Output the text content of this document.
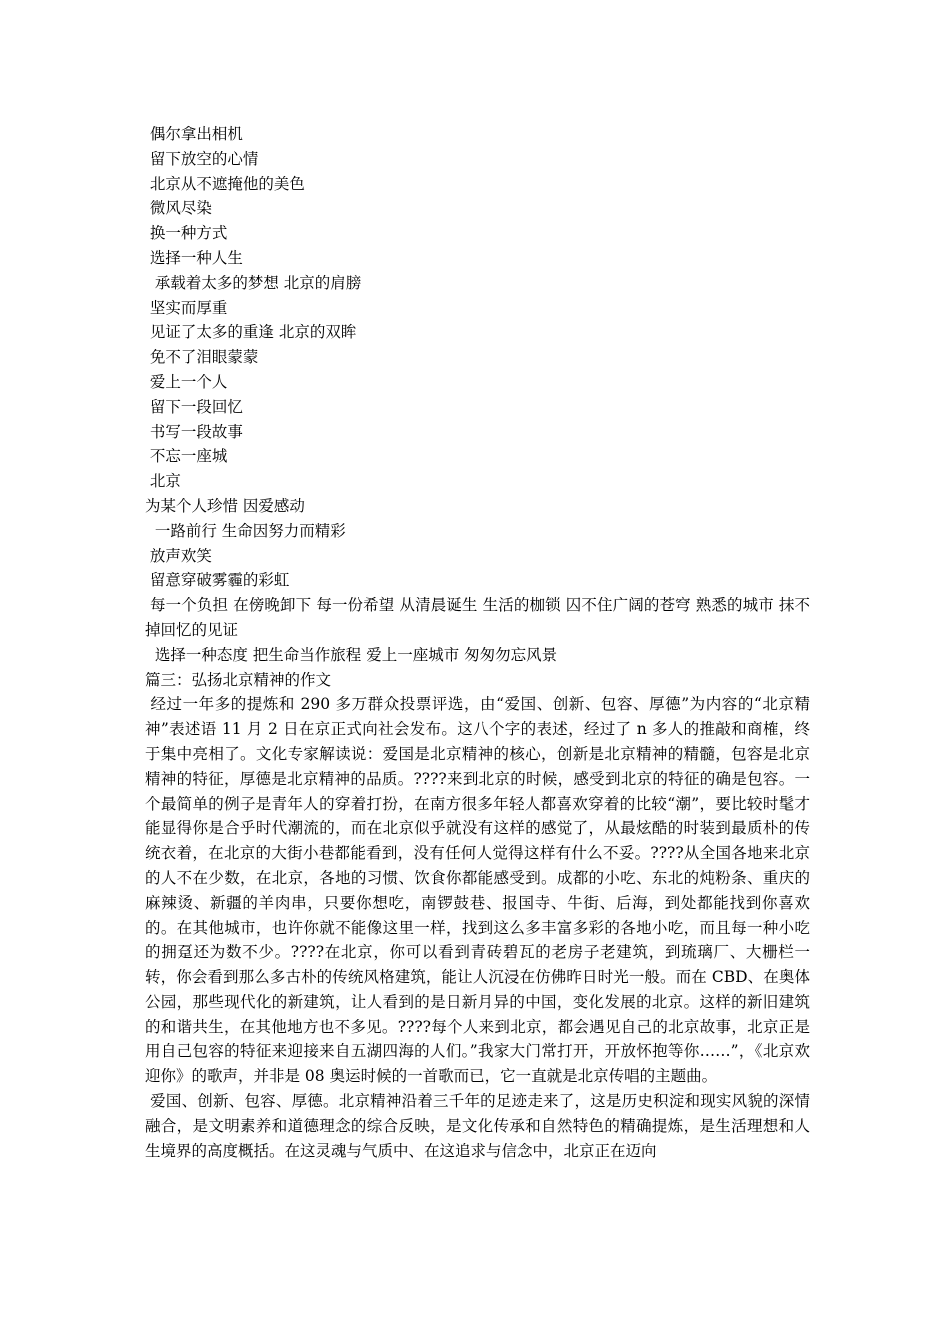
偶尔拿出相机
留下放空的心情
北京从不遮掩他的美色
微风尽染
换一种方式
选择一种人生
承载着太多的梦想 北京的肩膀
坚实而厚重
见证了太多的重逢 北京的双眸
免不了泪眼蒙蒙
爱上一个人
留下一段回忆
书写一段故事
不忘一座城
北京
为某个人珍惜 因爱感动
一路前行 生命因努力而精彩
放声欢笑
留意穿破雾霾的彩虹

每一个负担 在傍晚卸下 每一份希望 从清晨诞生 生活的枷锁 囚不住广阔的苍穹 熟悉的城市 抹不掉回忆的见证

选择一种态度 把生命当作旅程 爱上一座城市 匆匆勿忘风景

篇三：弘扬北京精神的作文

经过一年多的提炼和 290 多万群众投票评选，由“爱国、创新、包容、厚德”为内容的“北京精神”表述语 11 月 2 日在京正式向社会发布。这八个字的表述，经过了 n 多人的推敲和商榷，终于集中亮相了。文化专家解读说：爱国是北京精神的核心，创新是北京精神的精髓，包容是北京精神的特征，厚德是北京精神的品质。????来到北京的时候，感受到北京的特征的确是包容。一个最简单的例子是青年人的穿着打扮，在南方很多年轻人都喜欢穿着的比较“潮”，要比较时髦才能显得你是合乎时代潮流的，而在北京似乎就没有这样的感觉了，从最炫酷的时装到最质朴的传统衣着，在北京的大街小巷都能看到，没有任何人觉得这样有什么不妥。????从全国各地来北京的人不在少数，在北京，各地的习惯、饮食你都能感受到。成都的小吃、东北的炖粉条、重庆的麻辣烫、新疆的羊肉串，只要你想吃，南锣鼓巷、报国寺、牛街、后海，到处都能找到你喜欢的。在其他城市，也许你就不能像这里一样，找到这么多丰富多彩的各地小吃，而且每一种小吃的拥趸还为数不少。????在北京，你可以看到青砖碧瓦的老房子老建筑，到琉璃厂、大栅栏一转，你会看到那么多古朴的传统风格建筑，能让人沉浸在仿佛昨日时光一般。而在 CBD、在奥体公园，那些现代化的新建筑，让人看到的是日新月异的中国，变化发展的北京。这样的新旧建筑的和谐共生，在其他地方也不多见。????每个人来到北京，都会遇见自己的北京故事，北京正是用自己包容的特征来迎接来自五湖四海的人们。”我家大门常打开，开放怀抱等你……”，《北京欢迎你》的歌声，并非是 08 奥运时候的一首歌而已，它一直就是北京传唱的主题曲。

爱国、创新、包容、厚德。北京精神沿着三千年的足迹走来了，这是历史积淀和现实风貌的深情融合，是文明素养和道德理念的综合反映，是文化传承和自然特色的精确提炼，是生活理想和人生境界的高度概括。在这灵魂与气质中、在这追求与信念中，北京正在迈向
